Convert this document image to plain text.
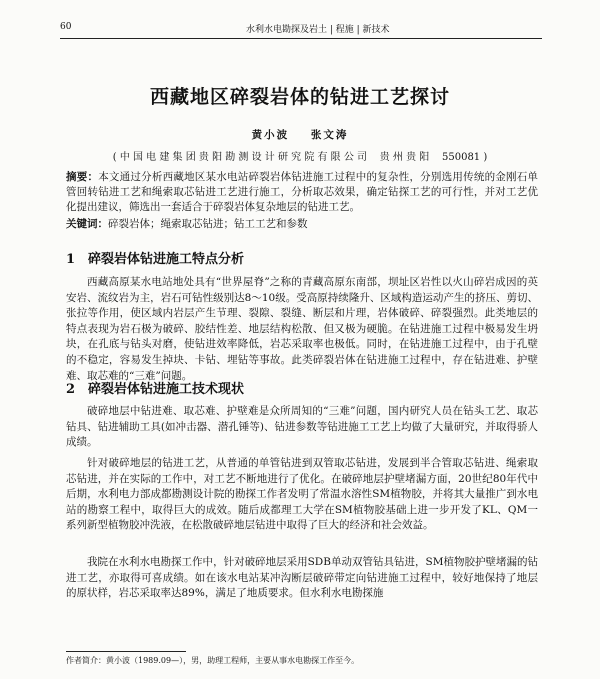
60	水利水电勘探及岩土 | 程施 | 新技术
西藏地区碎裂岩体的钻进工艺探讨
黄小波 张文涛
( 中 国 电 建 集 团 贵 阳 勘 测 设 计 研 究 院 有 限 公 司    贵 州 贵 阳    550081 )
摘要：本文通过分析西藏地区某水电站碎裂岩体钻进施工过程中的复杂性，分别选用传统的金刚石单管回转钻进工艺和绳索取芯钻进工艺进行施工，分析取芯效果，确定钻探工艺的可行性，并对工艺优化提出建议，筛选出一套适合于碎裂岩体复杂地层的钻进工艺。
关键词：碎裂岩体；绳索取芯钻进；钻工工艺和参数
1 碎裂岩体钻进施工特点分析

西藏高原某水电站地处具有“世界屋脊”之称的青藏高原东南部，坝址区岩性以火山碎岩成因的英安岩、流纹岩为主，岩石可钻性级别达8～10级。受高原持续隆升、区域构造运动产生的挤压、剪切、张拉等作用，使区域内岩层产生节理、裂隙、裂缝、断层和片理，岩体破碎、碎裂强烈。此类地层的特点表现为岩石极为破碎、胶结性差、地层结构松散、但又极为硬脆。在钻进施工过程中极易发生坍块，在孔底与钻头对磨，使钻进效率降低，岩芯采取率也极低。同时，在钻进施工过程中，由于孔壁的不稳定，容易发生掉块、卡钻、埋钻等事故。此类碎裂岩体在钻进施工过程中，存在钻进难、护壁难、取芯难的“三难”问题。

2 碎裂岩体钻进施工技术现状

破碎地层中钻进难、取芯难、护壁难是众所周知的“三难”问题，国内研究人员在钻头工艺、取芯钻具、钻进辅助工具(如冲击器、潜孔锤等)、钻进参数等钻进施工工艺上均做了大量研究，并取得骄人成绩。

针对破碎地层的钻进工艺，从普通的单管钻进到双管取芯钻进，发展到半合管取芯钻进、绳索取芯钻进，并在实际的工作中，对工艺不断地进行了优化。在破碎地层护壁堵漏方面，20世纪80年代中后期，水利电力部成都勘测设计院的勘探工作者发明了常温水溶性SM植物胶，并将其大量推广到水电站的勘察工程中，取得巨大的成效。随后成都理工大学在SM植物胶基础上进一步开发了KL、QM一系列新型植物胶冲洗液，在松散破碎地层钻进中取得了巨大的经济和社会效益。

我院在水利水电勘探工作中，针对破碎地层采用SDB单动双管钻具钻进，SM植物胶护壁堵漏的钻进工艺，亦取得可喜成绩。如在该水电站某冲沟断层破碎带定向钻进施工过程中，较好地保持了地层的原状样，岩芯采取率达89%，满足了地质要求。但水利水电勘探施

作者简介：黄小波（1989.09—），男，助理工程师，主要从事水电勘探工作至今。
